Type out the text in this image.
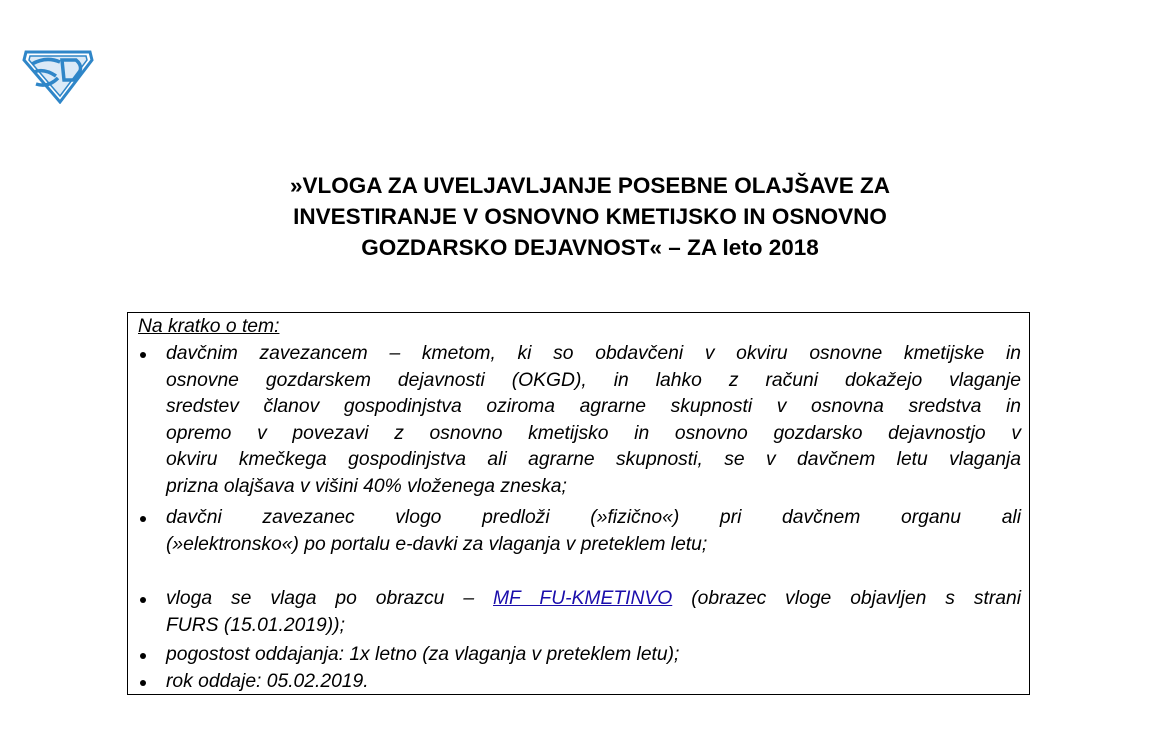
»VLOGA ZA UVELJAVLJANJE POSEBNE OLAJŠAVE ZA
INVESTIRANJE V OSNOVNO KMETIJSKO IN OSNOVNO
GOZDARSKO DEJAVNOST« – ZA leto 2018
Na kratko o tem:
davčnim zavezancem – kmetom, ki so obdavčeni v okviru osnovne kmetijske in
osnovne gozdarskem dejavnosti (OKGD), in lahko z računi dokažejo vlaganje
sredstev članov gospodinjstva oziroma agrarne skupnosti v osnovna sredstva in
opremo v povezavi z osnovno kmetijsko in osnovno gozdarsko dejavnostjo v
okviru kmečkega gospodinjstva ali agrarne skupnosti, se v davčnem letu vlaganja
prizna olajšava v višini 40% vloženega zneska;
davčni zavezanec vlogo predloži (»fizično«) pri davčnem organu ali
(»elektronsko«) po portalu e-davki za vlaganja v preteklem letu;
vloga se vlaga po obrazcu – MF FU-KMETINVO (obrazec vloge objavljen s strani
FURS (15.01.2019));
pogostost oddajanja: 1x letno (za vlaganja v preteklem letu);
rok oddaje: 05.02.2019.
